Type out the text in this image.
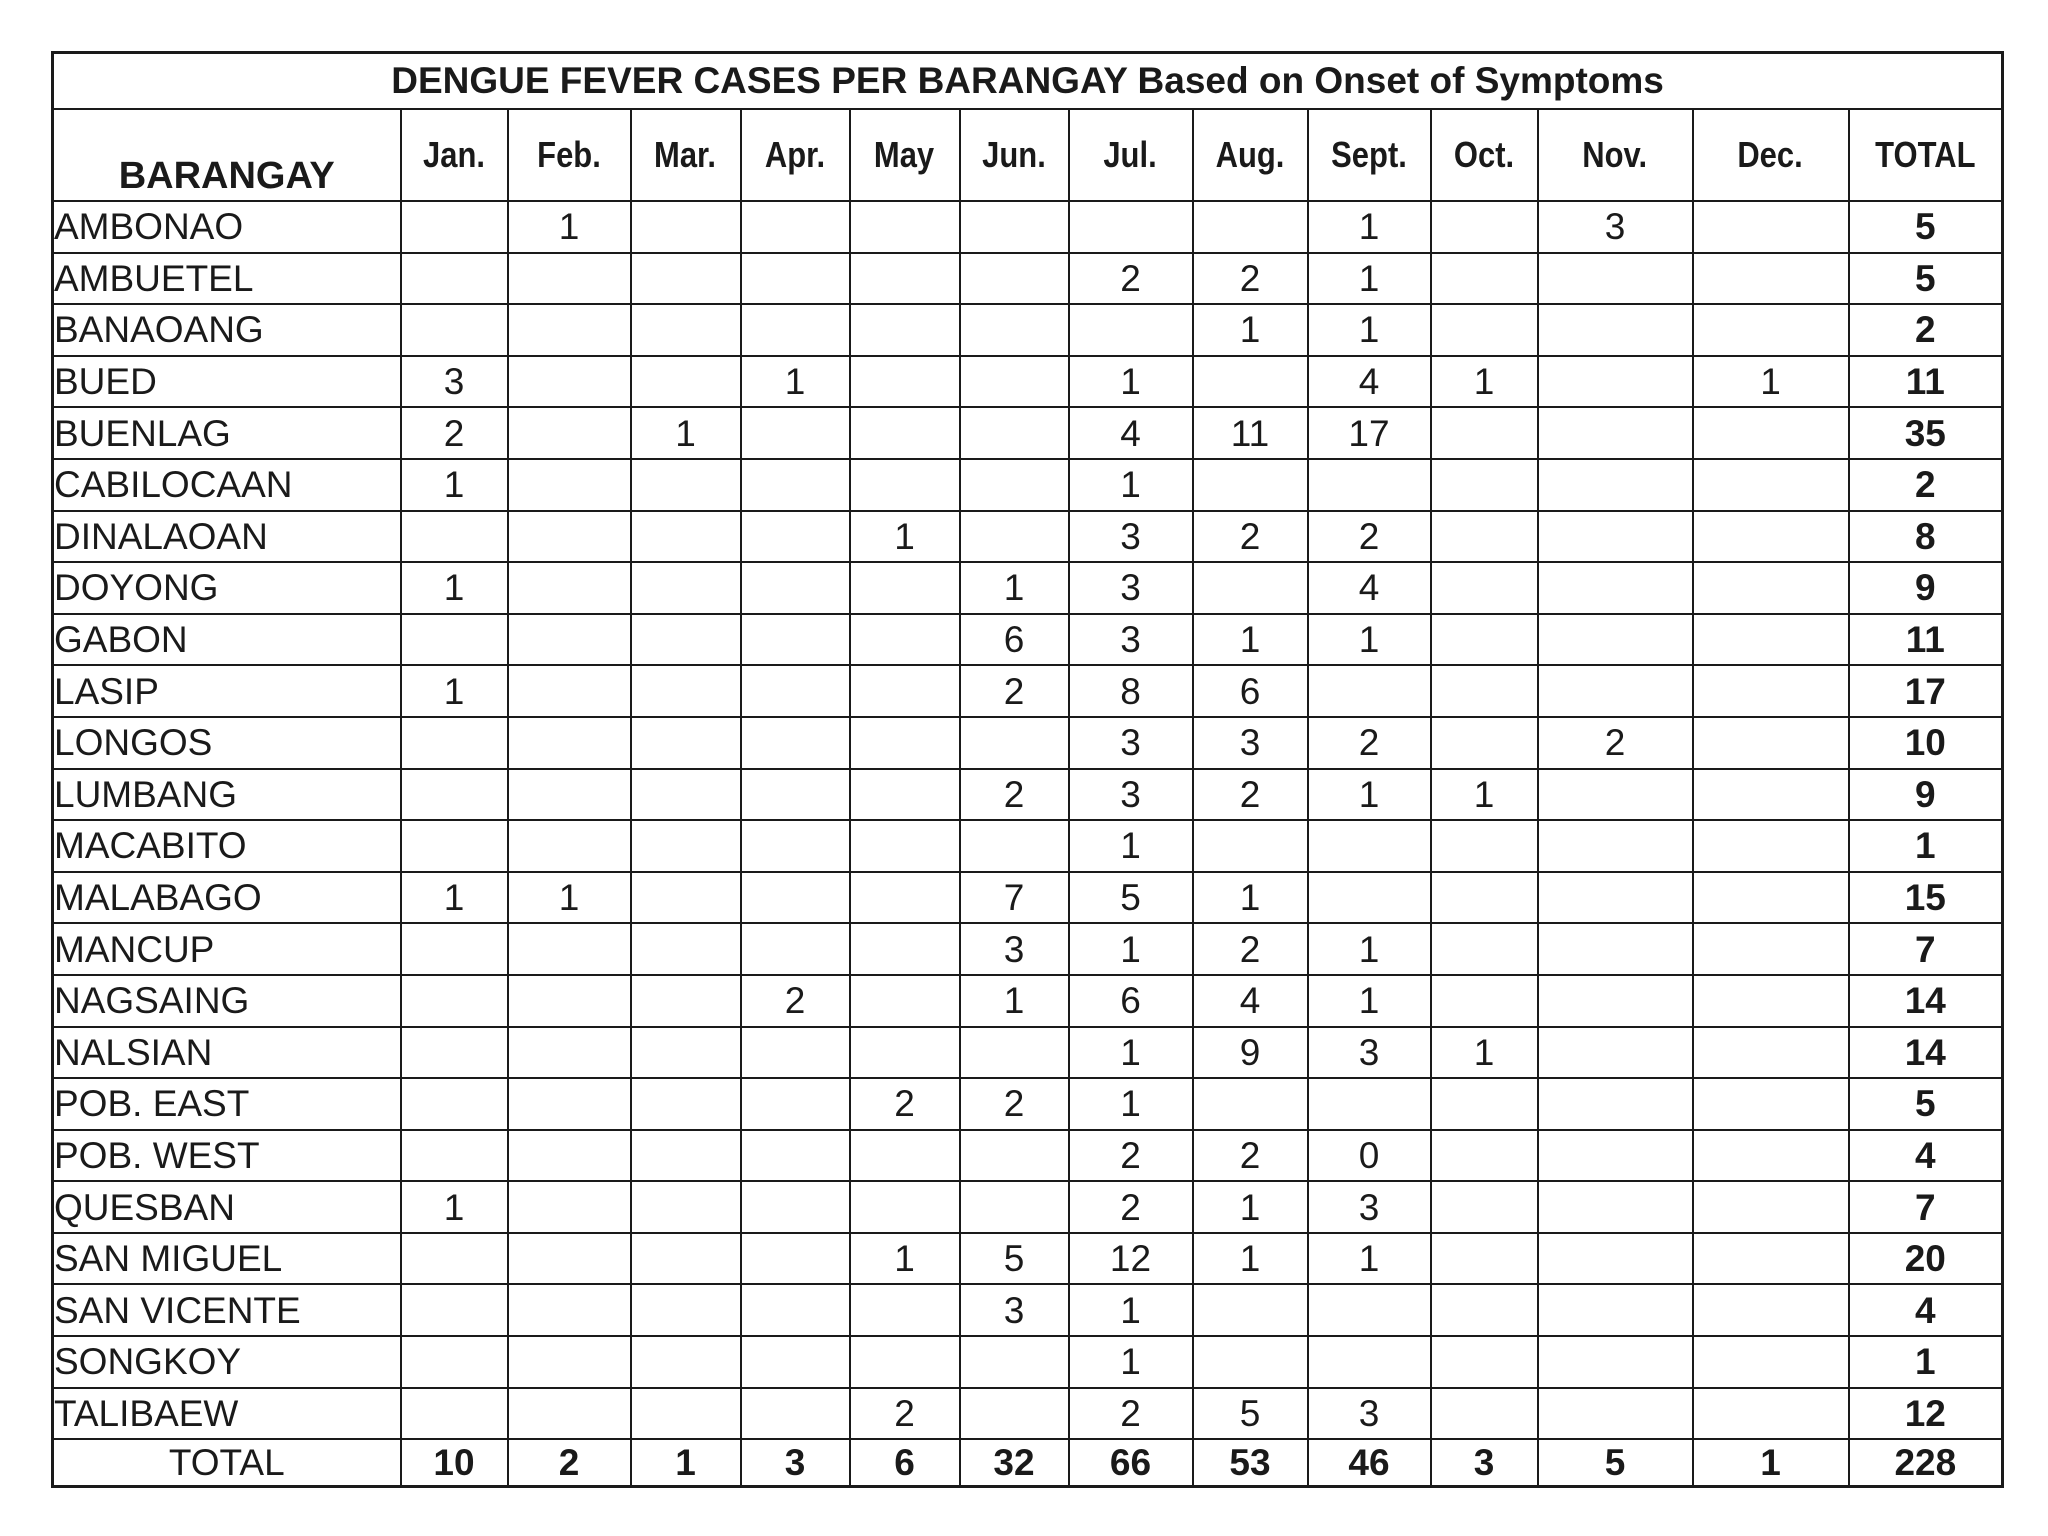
DENGUE FEVER CASES PER BARANGAY Based on Onset of Symptoms													
BARANGAY	Jan.	Feb.	Mar.	Apr.	May	Jun.	Jul.	Aug.	Sept.	Oct.	Nov.	Dec.	TOTAL
AMBONAO		1							1		3		5
AMBUETEL							2	2	1				5
BANAOANG								1	1				2
BUED	3			1			1		4	1		1	11
BUENLAG	2		1				4	11	17				35
CABILOCAAN	1						1						2
DINALAOAN					1		3	2	2				8
DOYONG	1					1	3		4				9
GABON						6	3	1	1				11
LASIP	1					2	8	6					17
LONGOS							3	3	2		2		10
LUMBANG						2	3	2	1	1			9
MACABITO							1						1
MALABAGO	1	1				7	5	1					15
MANCUP						3	1	2	1				7
NAGSAING				2		1	6	4	1				14
NALSIAN							1	9	3	1			14
POB. EAST					2	2	1						5
POB. WEST							2	2	0				4
QUESBAN	1						2	1	3				7
SAN MIGUEL					1	5	12	1	1				20
SAN VICENTE						3	1						4
SONGKOY							1						1
TALIBAEW					2		2	5	3				12
TOTAL	10	2	1	3	6	32	66	53	46	3	5	1	228
